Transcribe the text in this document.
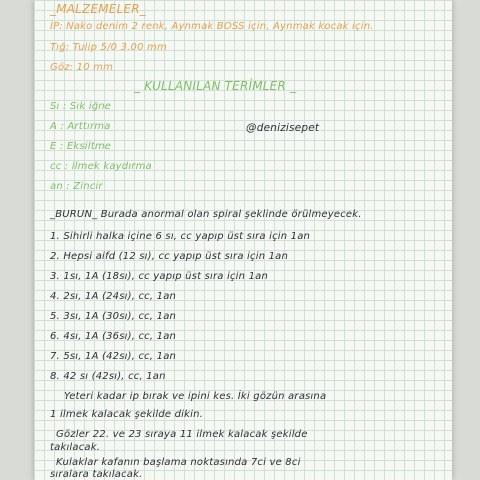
_MALZEMELER_
İP: Nako denim 2 renk, Aynmak BOSS için, Aynmak kocak için.
Tığ: Tulip 5/0 3.00 mm
Göz: 10 mm
_ KULLANILAN TERİMLER _
Sı : Sık iğne
A : Arttırma	@denizisepet
E : Eksiltme
cc : ilmek kaydırma
an : Zincir
_BURUN_ Burada anormal olan spiral şeklinde örülmeyecek.
1. Sihirli halka içine 6 sı, cc yapıp üst sıra için 1an
2. Hepsi aifd (12 sı), cc yapıp üst sıra için 1an
3. 1sı, 1A (18sı), cc yapıp üst sıra için 1an
4. 2sı, 1A (24sı), cc, 1an
5. 3sı, 1A (30sı), cc, 1an
6. 4sı, 1A (36sı), cc, 1an
7. 5sı, 1A (42sı), cc, 1an
8. 42 sı (42sı), cc, 1an
Yeteri kadar ip bırak ve ipini kes. İki gözün arasına
1 ilmek kalacak şekilde dikin.
Gözler 22. ve 23 sıraya 11 ilmek kalacak şekilde
takılacak.
Kulaklar kafanın başlama noktasında 7ci ve 8ci
sıralara takılacak.
